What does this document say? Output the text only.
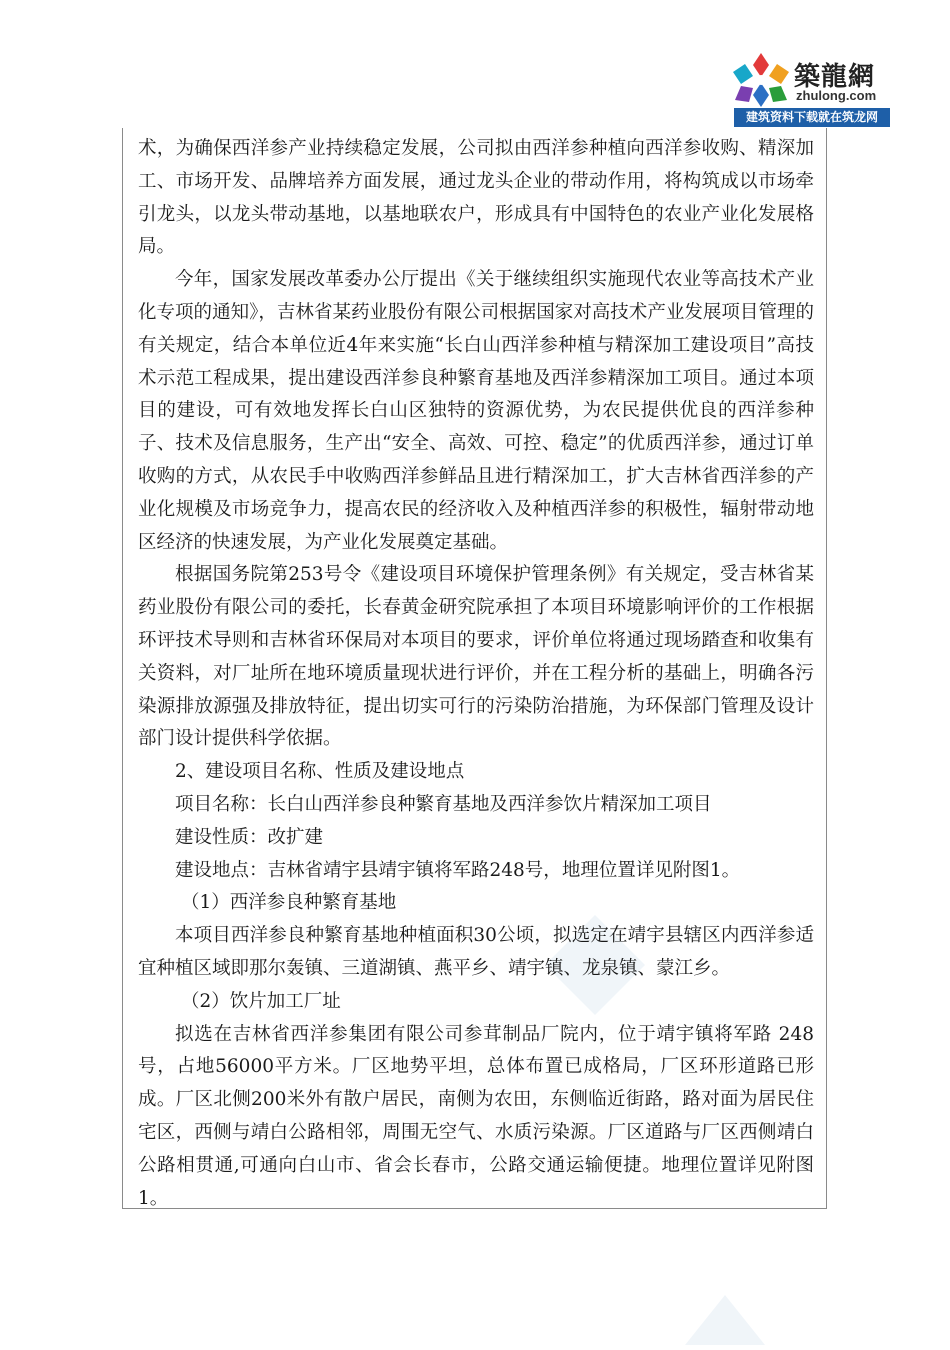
築龍網
zhulong.com
建筑资料下载就在筑龙网

术，为确保西洋参产业持续稳定发展，公司拟由西洋参种植向西洋参收购、精深加工、市场开发、品牌培养方面发展，通过龙头企业的带动作用，将构筑成以市场牵引龙头，以龙头带动基地，以基地联农户，形成具有中国特色的农业产业化发展格局。

今年，国家发展改革委办公厅提出《关于继续组织实施现代农业等高技术产业化专项的通知》，吉林省某药业股份有限公司根据国家对高技术产业发展项目管理的有关规定，结合本单位近4年来实施“长白山西洋参种植与精深加工建设项目”高技术示范工程成果，提出建设西洋参良种繁育基地及西洋参精深加工项目。通过本项目的建设，可有效地发挥长白山区独特的资源优势，为农民提供优良的西洋参种子、技术及信息服务，生产出“安全、高效、可控、稳定”的优质西洋参，通过订单收购的方式，从农民手中收购西洋参鲜品且进行精深加工，扩大吉林省西洋参的产业化规模及市场竞争力，提高农民的经济收入及种植西洋参的积极性，辐射带动地区经济的快速发展，为产业化发展奠定基础。

根据国务院第253号令《建设项目环境保护管理条例》有关规定，受吉林省某药业股份有限公司的委托，长春黄金研究院承担了本项目环境影响评价的工作根据环评技术导则和吉林省环保局对本项目的要求，评价单位将通过现场踏查和收集有关资料，对厂址所在地环境质量现状进行评价，并在工程分析的基础上，明确各污染源排放源强及排放特征，提出切实可行的污染防治措施，为环保部门管理及设计部门设计提供科学依据。

2、建设项目名称、性质及建设地点

项目名称：长白山西洋参良种繁育基地及西洋参饮片精深加工项目

建设性质：改扩建

建设地点：吉林省靖宇县靖宇镇将军路248号，地理位置详见附图1。

（1）西洋参良种繁育基地

本项目西洋参良种繁育基地种植面积30公顷，拟选定在靖宇县辖区内西洋参适宜种植区域即那尔轰镇、三道湖镇、燕平乡、靖宇镇、龙泉镇、蒙江乡。

（2）饮片加工厂址

拟选在吉林省西洋参集团有限公司参茸制品厂院内，位于靖宇镇将军路 248号，占地56000平方米。厂区地势平坦，总体布置已成格局，厂区环形道路已形成。厂区北侧200米外有散户居民，南侧为农田，东侧临近街路，路对面为居民住宅区，西侧与靖白公路相邻，周围无空气、水质污染源。厂区道路与厂区西侧靖白公路相贯通,可通向白山市、省会长春市，公路交通运输便捷。地理位置详见附图1。
